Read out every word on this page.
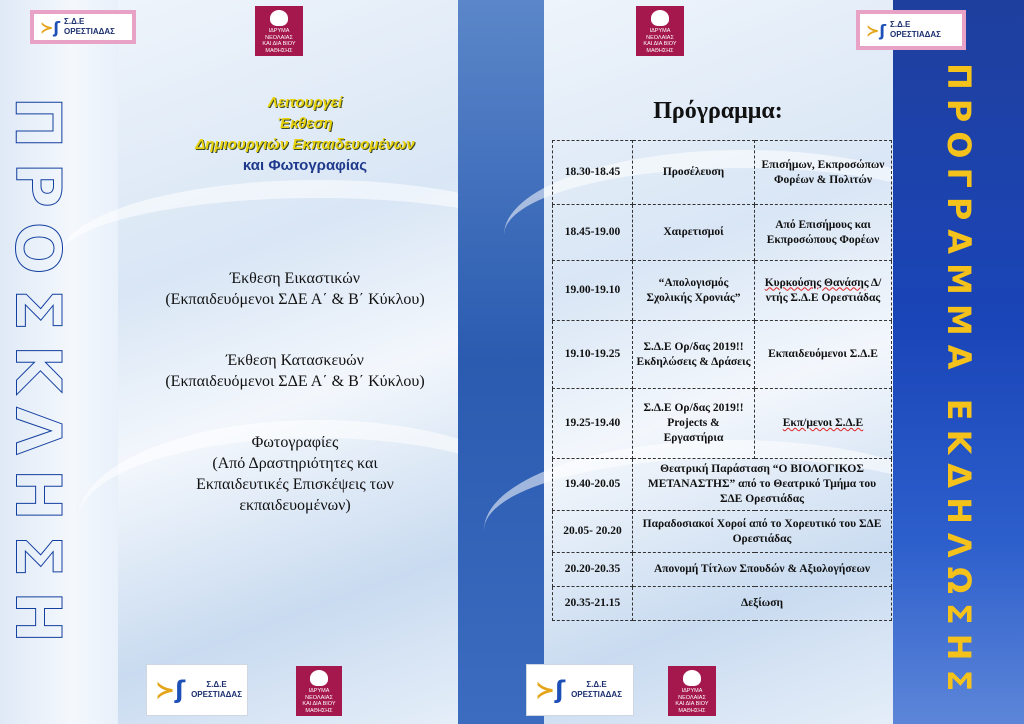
≻ʃ Σ.Δ.Ε
ΟΡΕΣΤΙΑΔΑΣ	ΙΔΡΥΜΑ
ΝΕΟΛΑΙΑΣ
ΚΑΙ ΔΙΑ ΒΙΟΥ
ΜΑΘΗΣΗΣ
ΙΔΡΥΜΑ
ΝΕΟΛΑΙΑΣ
ΚΑΙ ΔΙΑ ΒΙΟΥ
ΜΑΘΗΣΗΣ
≻ʃ Σ.Δ.Ε
ΟΡΕΣΤΙΑΔΑΣ
ΠΡΟΣΚΛΗΣΗ	ΠΡΟΓΡΑΜΜΑ ΕΚΔΗΛΩΣΗΣ
Λειτουργεί
Έκθεση
Δημιουργιών Εκπαιδευομένων
και Φωτογραφίας
Έκθεση Εικαστικών
(Εκπαιδευόμενοι ΣΔΕ Α΄ & Β΄ Κύκλου)
Έκθεση Κατασκευών
(Εκπαιδευόμενοι ΣΔΕ Α΄ & Β΄ Κύκλου)
Φωτογραφίες
(Από Δραστηριότητες και Εκπαιδευτικές Επισκέψεις των εκπαιδευομένων)
Πρόγραμμα:
18.30-18.45	Προσέλευση	Επισήμων, Εκπροσώπων Φορέων & Πολιτών
18.45-19.00	Χαιρετισμοί	Από Επισήμους και Εκπροσώπους Φορέων
19.00-19.10	“Απολογισμός Σχολικής Χρονιάς”	Κυρκούσης Θανάσης Δ/ντής Σ.Δ.Ε Ορεστιάδας
19.10-19.25	Σ.Δ.Ε Ορ/δας 2019!! Εκδηλώσεις & Δράσεις	Εκπαιδευόμενοι Σ.Δ.Ε
19.25-19.40	Σ.Δ.Ε Ορ/δας 2019!! Projects & Εργαστήρια	Εκπ/μενοι Σ.Δ.Ε
19.40-20.05	Θεατρική Παράσταση “Ο ΒΙΟΛΟΓΙΚΟΣ ΜΕΤΑΝΑΣΤΗΣ” από το Θεατρικό Τμήμα του ΣΔΕ Ορεστιάδας	
20.05- 20.20	Παραδοσιακοί Χοροί από το Χορευτικό του ΣΔΕ Ορεστιάδας	
20.20-20.35	Απονομή Τίτλων Σπουδών & Αξιολογήσεων	
20.35-21.15	Δεξίωση	
≻ʃ	Σ.Δ.Ε
ΟΡΕΣΤΙΑΔΑΣ	ΙΔΡΥΜΑ
ΝΕΟΛΑΙΑΣ
ΚΑΙ ΔΙΑ ΒΙΟΥ
ΜΑΘΗΣΗΣ
≻ʃ	Σ.Δ.Ε
ΟΡΕΣΤΙΑΔΑΣ	ΙΔΡΥΜΑ
ΝΕΟΛΑΙΑΣ
ΚΑΙ ΔΙΑ ΒΙΟΥ
ΜΑΘΗΣΗΣ
